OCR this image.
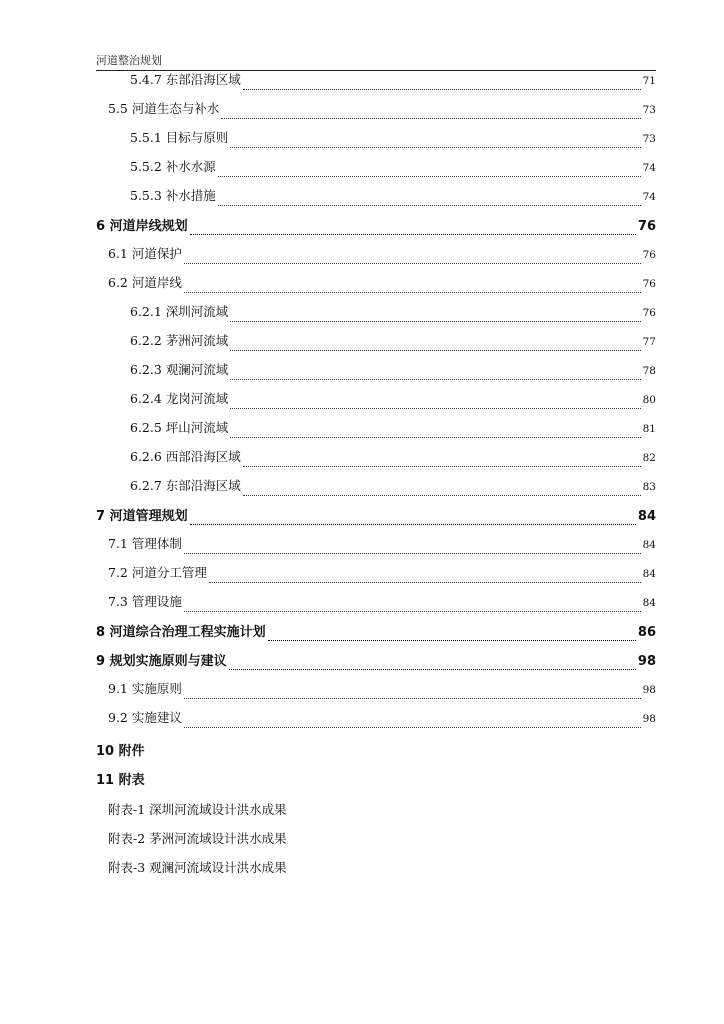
河道整治规划
5.4.7 东部沿海区域	71
5.5 河道生态与补水	73
5.5.1 目标与原则	73
5.5.2 补水水源	74
5.5.3 补水措施	74
6 河道岸线规划	76
6.1 河道保护	76
6.2 河道岸线	76
6.2.1 深圳河流域	76
6.2.2 茅洲河流域	77
6.2.3 观澜河流域	78
6.2.4 龙岗河流域	80
6.2.5 坪山河流域	81
6.2.6 西部沿海区域	82
6.2.7 东部沿海区域	83
7 河道管理规划	84
7.1 管理体制	84
7.2 河道分工管理	84
7.3 管理设施	84
8 河道综合治理工程实施计划	86
9 规划实施原则与建议	98
9.1 实施原则	98
9.2 实施建议	98
10 附件
11 附表
附表-1 深圳河流域设计洪水成果
附表-2 茅洲河流域设计洪水成果
附表-3 观澜河流域设计洪水成果
